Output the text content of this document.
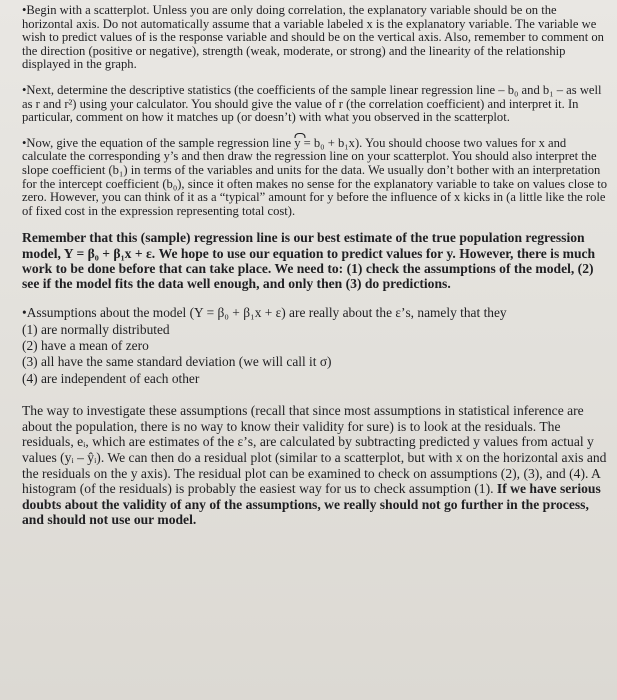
•Begin with a scatterplot. Unless you are only doing correlation, the explanatory variable should be on the horizontal axis. Do not automatically assume that a variable labeled x is the explanatory variable. The variable we wish to predict values of is the response variable and should be on the vertical axis. Also, remember to comment on the direction (positive or negative), strength (weak, moderate, or strong) and the linearity of the relationship displayed in the graph.

•Next, determine the descriptive statistics (the coefficients of the sample linear regression line – b₀ and b₁ – as well as r and r²) using your calculator. You should give the value of r (the correlation coefficient) and interpret it. In particular, comment on how it matches up (or doesn’t) with what you observed in the scatterplot.

•Now, give the equation of the sample regression line y = b₀ + b₁x). You should choose two values for x and calculate the corresponding y’s and then draw the regression line on your scatterplot. You should also interpret the slope coefficient (b₁) in terms of the variables and units for the data. We usually don’t bother with an interpretation for the intercept coefficient (b₀), since it often makes no sense for the explanatory variable to take on values close to zero. However, you can think of it as a “typical” amount for y before the influence of x kicks in (a little like the role of fixed cost in the expression representing total cost).

Remember that this (sample) regression line is our best estimate of the true population regression model, Y = β₀ + β₁x + ε. We hope to use our equation to predict values for y. However, there is much work to be done before that can take place. We need to: (1) check the assumptions of the model, (2) see if the model fits the data well enough, and only then (3) do predictions.

•Assumptions about the model (Y = β₀ + β₁x + ε) are really about the ε’s, namely that they
(1) are normally distributed
(2) have a mean of zero
(3) all have the same standard deviation (we will call it σ)
(4) are independent of each other

The way to investigate these assumptions (recall that since most assumptions in statistical inference are about the population, there is no way to know their validity for sure) is to look at the residuals. The residuals, eᵢ, which are estimates of the ε’s, are calculated by subtracting predicted y values from actual y values (yᵢ – ŷᵢ). We can then do a residual plot (similar to a scatterplot, but with x on the horizontal axis and the residuals on the y axis). The residual plot can be examined to check on assumptions (2), (3), and (4). A histogram (of the residuals) is probably the easiest way for us to check assumption (1). If we have serious doubts about the validity of any of the assumptions, we really should not go further in the process, and should not use our model.
